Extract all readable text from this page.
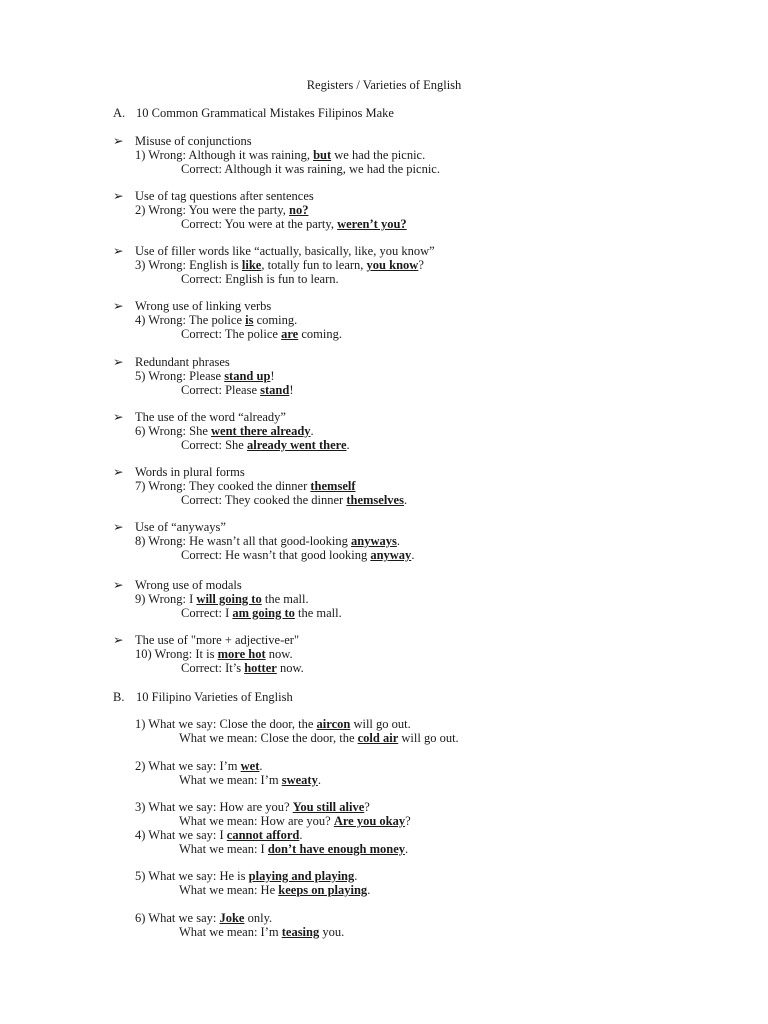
Registers / Varieties of English
A. 10 Common Grammatical Mistakes Filipinos Make
➢ Misuse of conjunctions
1) Wrong: Although it was raining, but we had the picnic.
Correct: Although it was raining, we had the picnic.
➢ Use of tag questions after sentences
2) Wrong: You were the party, no?
Correct: You were at the party, weren’t you?
➢ Use of filler words like “actually, basically, like, you know”
3) Wrong: English is like, totally fun to learn, you know?
Correct: English is fun to learn.
➢ Wrong use of linking verbs
4) Wrong: The police is coming.
Correct: The police are coming.
➢ Redundant phrases
5) Wrong: Please stand up!
Correct: Please stand!
➢ The use of the word “already”
6) Wrong: She went there already.
Correct: She already went there.
➢ Words in plural forms
7) Wrong: They cooked the dinner themself
Correct: They cooked the dinner themselves.
➢ Use of “anyways”
8) Wrong: He wasn’t all that good-looking anyways.
Correct: He wasn’t that good looking anyway.
➢ Wrong use of modals
9) Wrong: I will going to the mall.
Correct: I am going to the mall.
➢ The use of "more + adjective-er"
10) Wrong: It is more hot now.
Correct: It’s hotter now.
B. 10 Filipino Varieties of English
1) What we say: Close the door, the aircon will go out.
What we mean: Close the door, the cold air will go out.
2) What we say: I’m wet.
What we mean: I’m sweaty.
3) What we say: How are you? You still alive?
What we mean: How are you? Are you okay?
4) What we say: I cannot afford.
What we mean: I don’t have enough money.
5) What we say: He is playing and playing.
What we mean: He keeps on playing.
6) What we say: Joke only.
What we mean: I’m teasing you.
